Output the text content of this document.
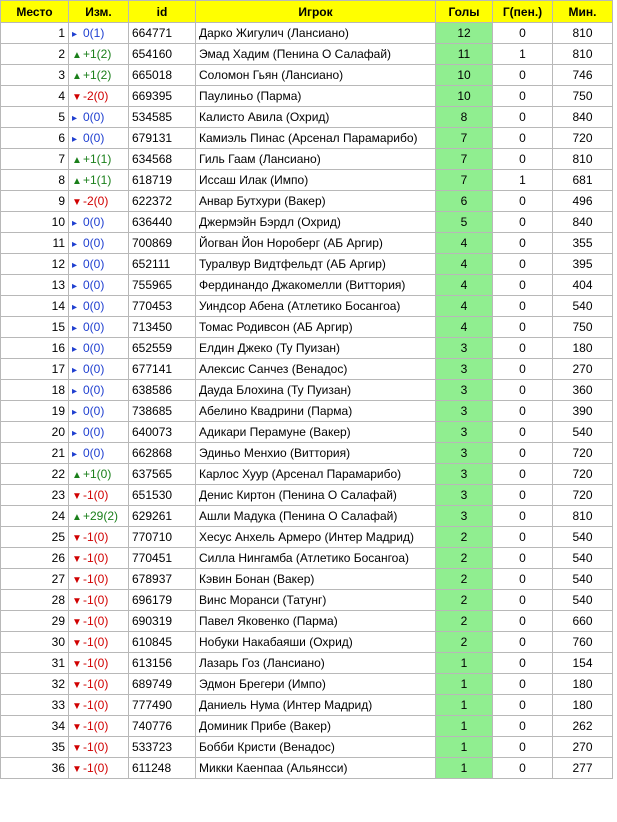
Место	Изм.	id	Игрок	Голы	Г(пен.)	Мин.
1	▸ 0(1)	664771	Дарко Жигулич (Лансиано)	12	0	810
2	▲+1(2)	654160	Эмад Хадим (Пенина О Салафай)	11	1	810
3	▲+1(2)	665018	Соломон Гьян (Лансиано)	10	0	746
4	▼-2(0)	669395	Паулиньо (Парма)	10	0	750
5	▸ 0(0)	534585	Калисто Авила (Охрид)	8	0	840
6	▸ 0(0)	679131	Камиэль Пинас (Арсенал Парамарибо)	7	0	720
7	▲+1(1)	634568	Гиль Гаам (Лансиано)	7	0	810
8	▲+1(1)	618719	Иссаш Илак (Импо)	7	1	681
9	▼-2(0)	622372	Анвар Бутхури (Вакер)	6	0	496
10	▸ 0(0)	636440	Джермэйн Бэрдл (Охрид)	5	0	840
11	▸ 0(0)	700869	Йогван Йон Нороберг (АБ Аргир)	4	0	355
12	▸ 0(0)	652111	Туралвур Видтфельдт (АБ Аргир)	4	0	395
13	▸ 0(0)	755965	Фердинандо Джакомелли (Виттория)	4	0	404
14	▸ 0(0)	770453	Уиндсор Абена (Атлетико Босангоа)	4	0	540
15	▸ 0(0)	713450	Томас Родивсон (АБ Аргир)	4	0	750
16	▸ 0(0)	652559	Елдин Джеко (Ту Пуизан)	3	0	180
17	▸ 0(0)	677141	Алексис Санчез (Венадос)	3	0	270
18	▸ 0(0)	638586	Дауда Блохина (Ту Пуизан)	3	0	360
19	▸ 0(0)	738685	Абелино Квадрини (Парма)	3	0	390
20	▸ 0(0)	640073	Адикари Перамуне (Вакер)	3	0	540
21	▸ 0(0)	662868	Эдиньо Менхио (Виттория)	3	0	720
22	▲+1(0)	637565	Карлос Хуур (Арсенал Парамарибо)	3	0	720
23	▼-1(0)	651530	Денис Киртон (Пенина О Салафай)	3	0	720
24	▲+29(2)	629261	Ашли Мадука (Пенина О Салафай)	3	0	810
25	▼-1(0)	770710	Хесус Анхель Армеро (Интер Мадрид)	2	0	540
26	▼-1(0)	770451	Силла Нингамба (Атлетико Босангоа)	2	0	540
27	▼-1(0)	678937	Кэвин Бонан (Вакер)	2	0	540
28	▼-1(0)	696179	Винс Моранси (Татунг)	2	0	540
29	▼-1(0)	690319	Павел Яковенко (Парма)	2	0	660
30	▼-1(0)	610845	Нобуки Накабаяши (Охрид)	2	0	760
31	▼-1(0)	613156	Лазарь Гоз (Лансиано)	1	0	154
32	▼-1(0)	689749	Эдмон Брегери (Импо)	1	0	180
33	▼-1(0)	777490	Даниель Нума (Интер Мадрид)	1	0	180
34	▼-1(0)	740776	Доминик Прибе (Вакер)	1	0	262
35	▼-1(0)	533723	Бобби Кристи (Венадос)	1	0	270
36	▼-1(0)	611248	Микки Каенпаа (Альянсси)	1	0	277
